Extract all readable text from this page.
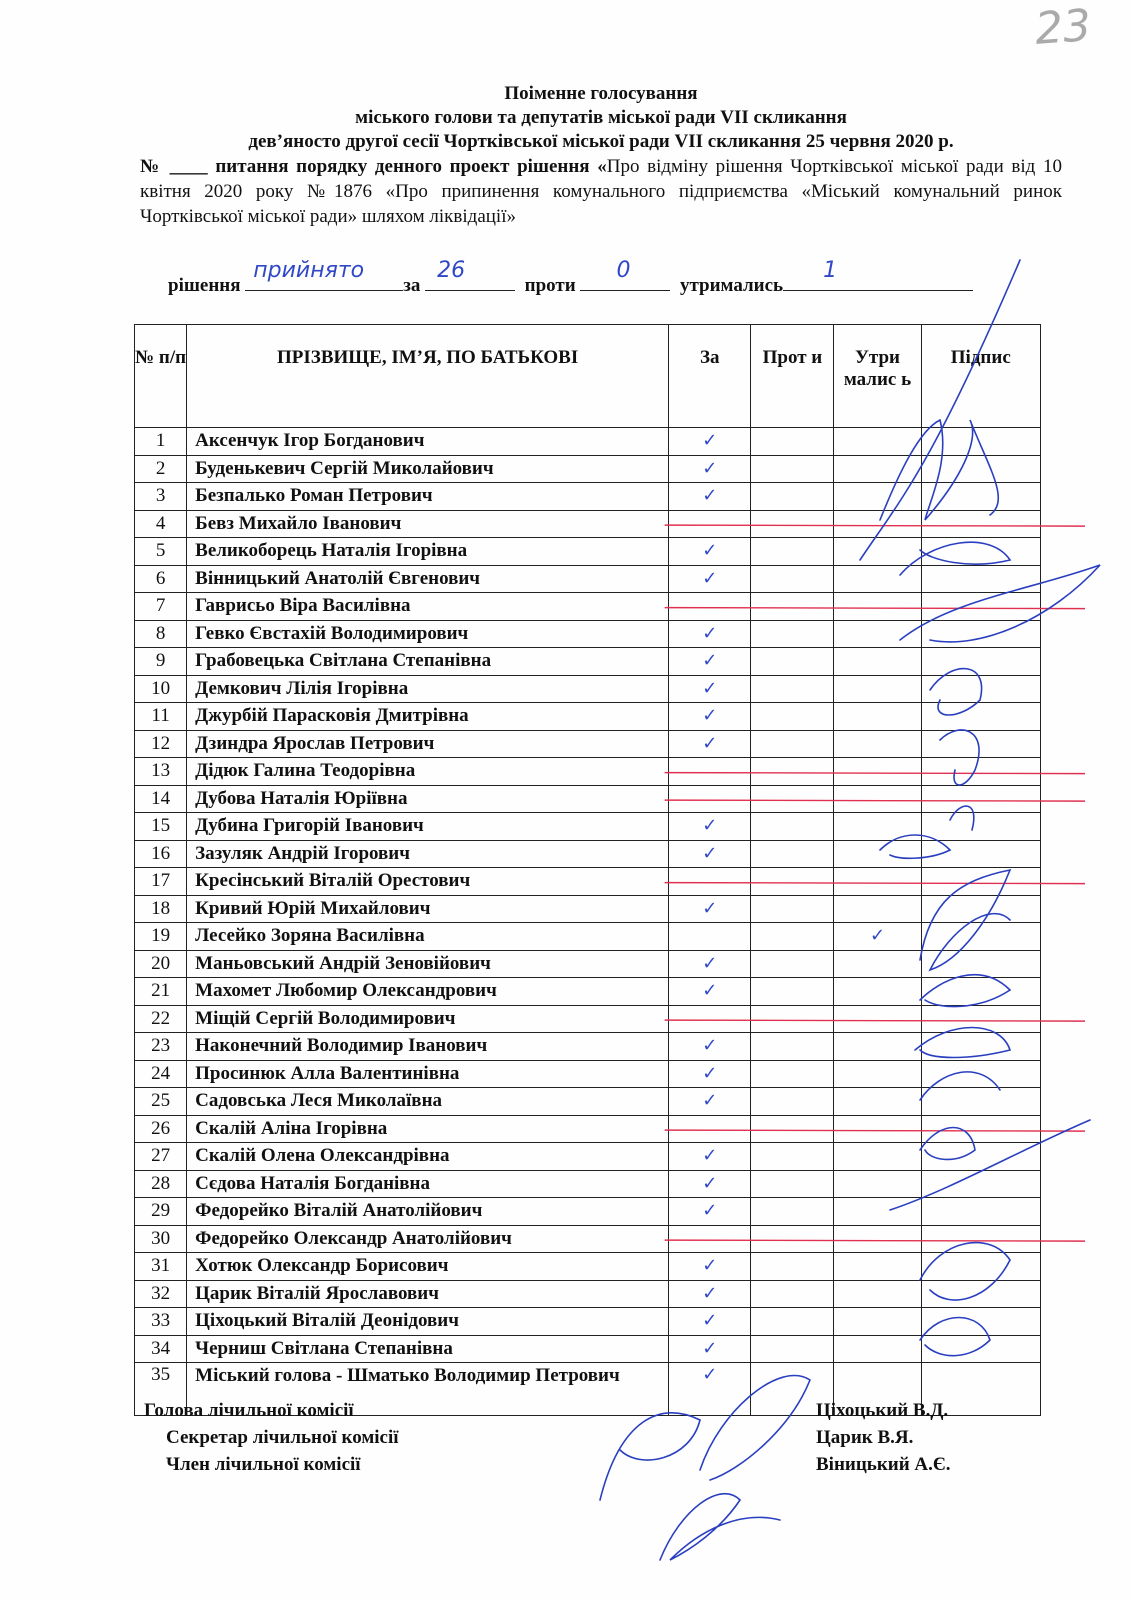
23
Поіменне голосування
міського голови та депутатів міської ради VII скликання
дев’яносто другої сесії Чортківської міської ради VII скликання 25 червня 2020 р.
№ ____ питання порядку денного проект рішення «Про відміну рішення Чортківської міської ради від 10 квітня 2020 року №1876 «Про припинення комунального підприємства «Міський комунальний ринок Чортківської міської ради» шляхом ліквідації»
рішення
прийнято
за
26
проти
0
утримались
1
№ п/п	ПРІЗВИЩЕ, ІМ’Я, ПО БАТЬКОВІ	За	Прот и	Утри малис ь	Підпис
1	Аксенчук Ігор Богданович	✓			
2	Буденькевич Сергій Миколайович	✓			
3	Безпалько Роман Петрович	✓			
4	Бевз Михайло Іванович				
5	Великоборець Наталія Ігорівна	✓			
6	Вінницький Анатолій Євгенович	✓			
7	Гаврисьо Віра Василівна				
8	Гевко Євстахій Володимирович	✓			
9	Грабовецька Світлана Степанівна	✓			
10	Демкович Лілія Ігорівна	✓			
11	Джурбій Парасковія Дмитрівна	✓			
12	Дзиндра Ярослав Петрович	✓			
13	Дідюк Галина Теодорівна				
14	Дубова Наталія Юріївна				
15	Дубина Григорій Іванович	✓			
16	Зазуляк Андрій Ігорович	✓			
17	Кресінський Віталій Орестович				
18	Кривий Юрій Михайлович	✓			
19	Лесейко Зоряна Василівна			✓	
20	Маньовський Андрій Зеновійович	✓			
21	Махомет Любомир Олександрович	✓			
22	Міщій Сергій Володимирович				
23	Наконечний Володимир Іванович	✓			
24	Просинюк Алла Валентинівна	✓			
25	Садовська Леся Миколаївна	✓			
26	Скалій Аліна Ігорівна				
27	Скалій Олена Олександрівна	✓			
28	Сєдова Наталія Богданівна	✓			
29	Федорейко Віталій Анатолійович	✓			
30	Федорейко Олександр Анатолійович				
31	Хотюк Олександр Борисович	✓			
32	Царик Віталій Ярославович	✓			
33	Ціхоцький Віталій Деонідович	✓			
34	Черниш Світлана Степанівна	✓			
35	Міський голова - Шматько Володимир Петрович	✓			
Голова лічильної комісії
Секретар лічильної комісії
Член лічильної комісії
Ціхоцький В.Д.
Царик В.Я.
Віницький А.Є.
